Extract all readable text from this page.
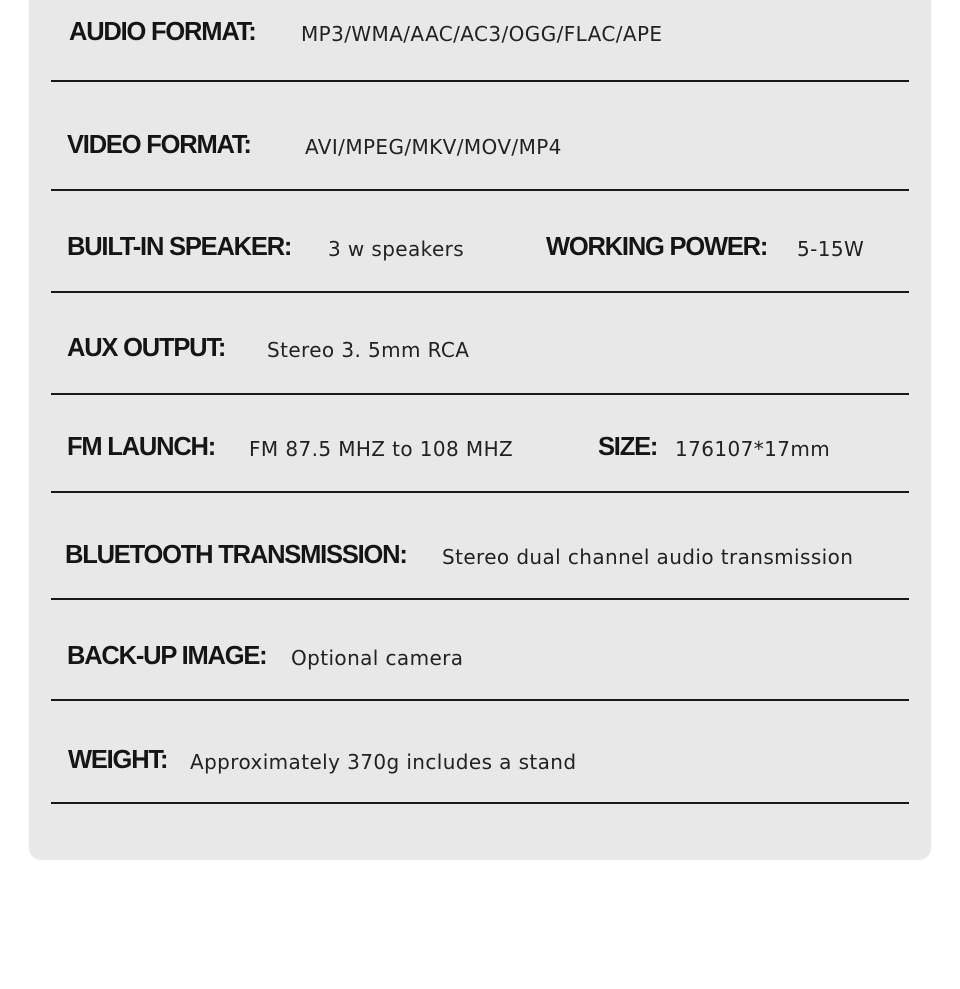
AUDIO FORMAT: MP3/WMA/AAC/AC3/OGG/FLAC/APE
VIDEO FORMAT:	AVI/MPEG/MKV/MOV/MP4
BUILT-IN SPEAKER: 3 w speakers	WORKING POWER: 5-15W
AUX OUTPUT: Stereo 3. 5mm RCA
FM LAUNCH: FM 87.5 MHZ to 108 MHZ	SIZE: 176107*17mm
BLUETOOTH TRANSMISSION: Stereo dual channel audio transmission
BACK-UP IMAGE: Optional camera
WEIGHT: Approximately 370g includes a stand
